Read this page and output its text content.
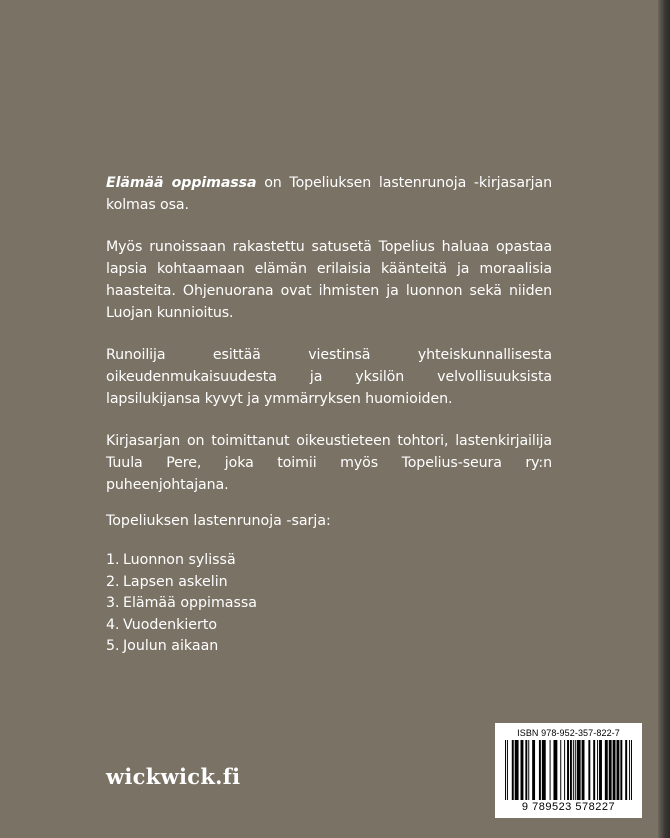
Elämää oppimassa on Topeliuksen lastenrunoja -kirjasarjan kolmas osa.

Myös runoissaan rakastettu satusetä Topelius haluaa opastaa lapsia kohtaamaan elämän erilaisia käänteitä ja moraalisia haasteita. Ohjenuorana ovat ihmisten ja luonnon sekä niiden Luojan kunnioitus.

Runoilija esittää viestinsä yhteiskunnallisesta oikeudenmukaisuudesta ja yksilön velvollisuuksista lapsilukijansa kyvyt ja ymmärryksen huomioiden.

Kirjasarjan on toimittanut oikeustieteen tohtori, lastenkirjailija Tuula Pere, joka toimii myös Topelius-seura ry:n puheenjohtajana.

Topeliuksen lastenrunoja -sarja:
1. Luonnon sylissä
2. Lapsen askelin
3. Elämää oppimassa
4. Vuodenkierto
5. Joulun aikaan
wickwick.fi
ISBN 978-952-357-822-7
9 789523 578227
